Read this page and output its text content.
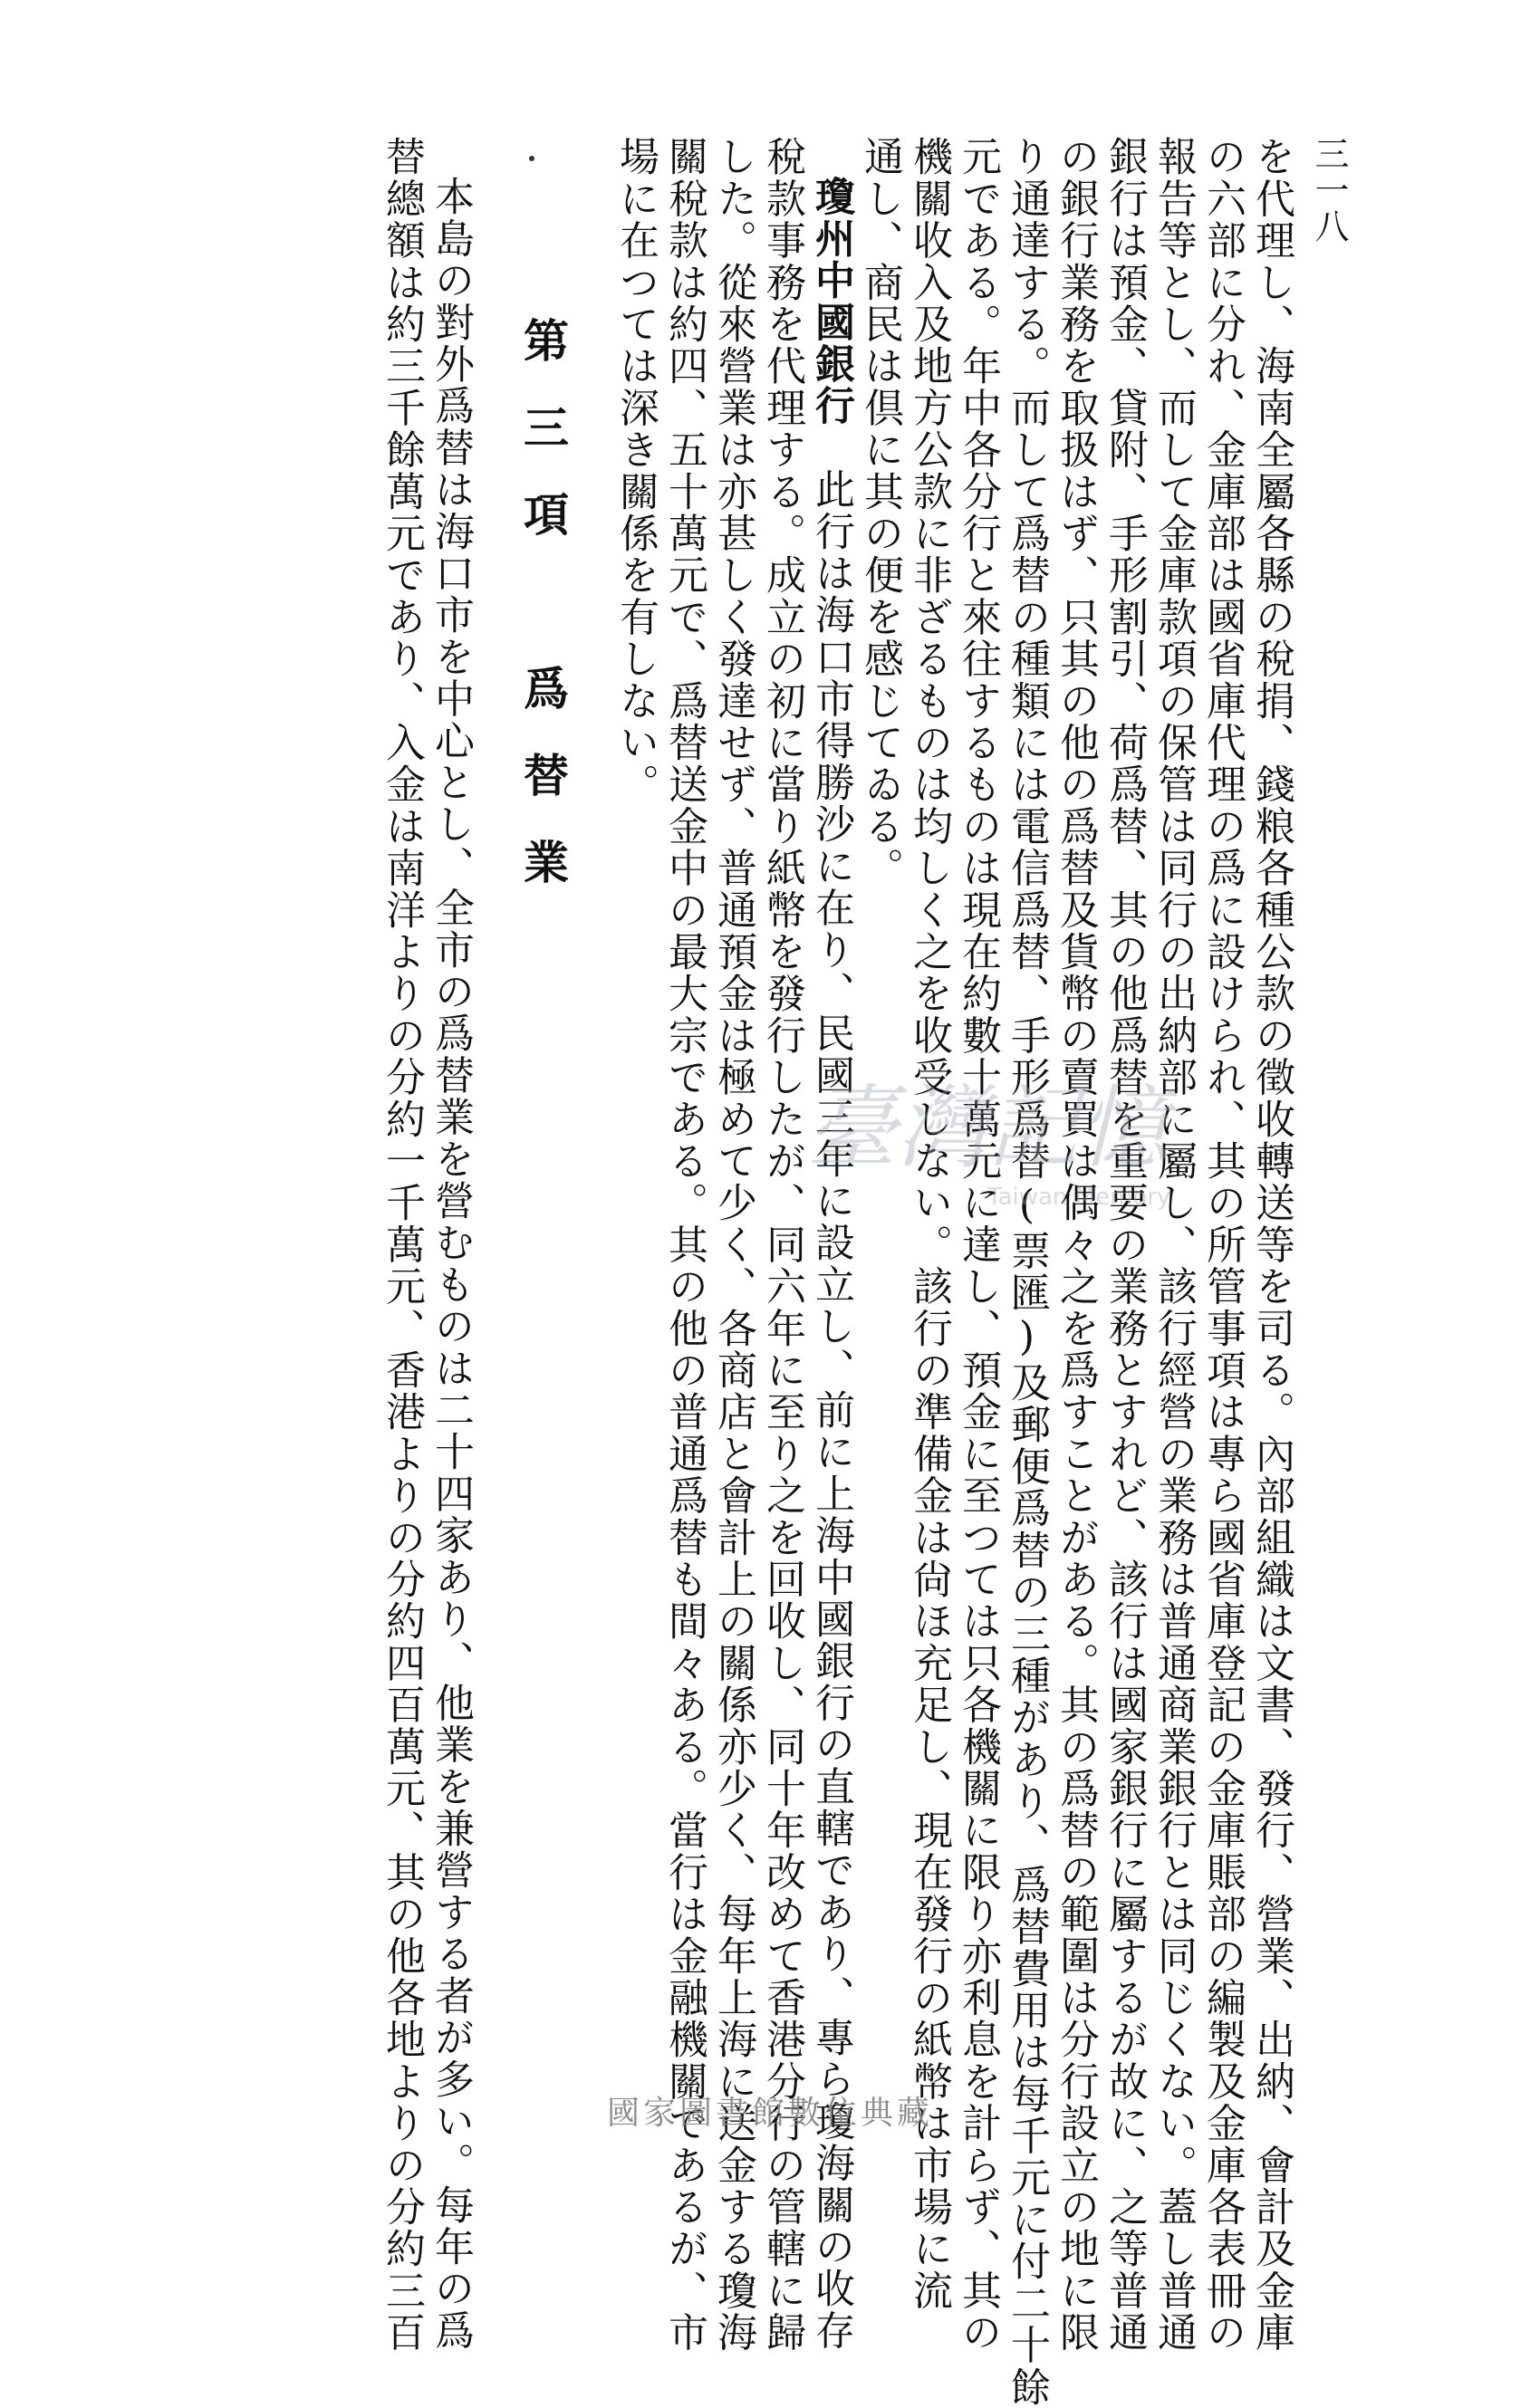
三一八
を代理し、海南全屬各縣の稅捐、錢粮各種公款の徵收轉送等を司る。內部組織は文書、發行、營業、出納、會計及金庫
の六部に分れ、金庫部は國省庫代理の爲に設けられ、其の所管事項は專ら國省庫登記の金庫賬部の編製及金庫各表冊の
報告等とし、而して金庫款項の保管は同行の出納部に屬し、該行經營の業務は普通商業銀行とは同じくない。蓋し普通
銀行は預金、貸附、手形割引、荷爲替、其の他爲替を重要の業務とすれど、該行は國家銀行に屬するが故に、之等普通
の銀行業務を取扱はず、只其の他の爲替及貨幣の賣買は偶々之を爲すことがある。其の爲替の範圍は分行設立の地に限
り通達する。而して爲替の種類には電信爲替、手形爲替(票匯)及郵便爲替の三種があり、爲替費用は每千元に付二十餘
元である。年中各分行と來往するものは現在約數十萬元に達し、預金に至つては只各機關に限り亦利息を計らず、其の
機關收入及地方公款に非ざるものは均しく之を收受しない。該行の準備金は尙ほ充足し、現在發行の紙幣は市場に流
通し、商民は倶に其の便を感じてゐる。
瓊州中國銀行　此行は海口市得勝沙に在り、民國三年に設立し、前に上海中國銀行の直轄であり、專ら瓊海關の收存
稅款事務を代理する。成立の初に當り紙幣を發行したが、同六年に至り之を回收し、同十年改めて香港分行の管轄に歸
した。從來營業は亦甚しく發達せず、普通預金は極めて少く、各商店と會計上の關係亦少く、每年上海に送金する瓊海
關稅款は約四、五十萬元で、爲替送金中の最大宗である。其の他の普通爲替も間々ある。當行は金融機關であるが、市
場に在つては深き關係を有しない。
第三項　爲替業
本島の對外爲替は海口市を中心とし、全市の爲替業を營むものは二十四家あり、他業を兼營する者が多い。每年の爲
替總額は約三千餘萬元であり、入金は南洋よりの分約一千萬元、香港よりの分約四百萬元、其の他各地よりの分約三百	臺灣記憶
Taiwan Memory
國家圖書館數位典藏
